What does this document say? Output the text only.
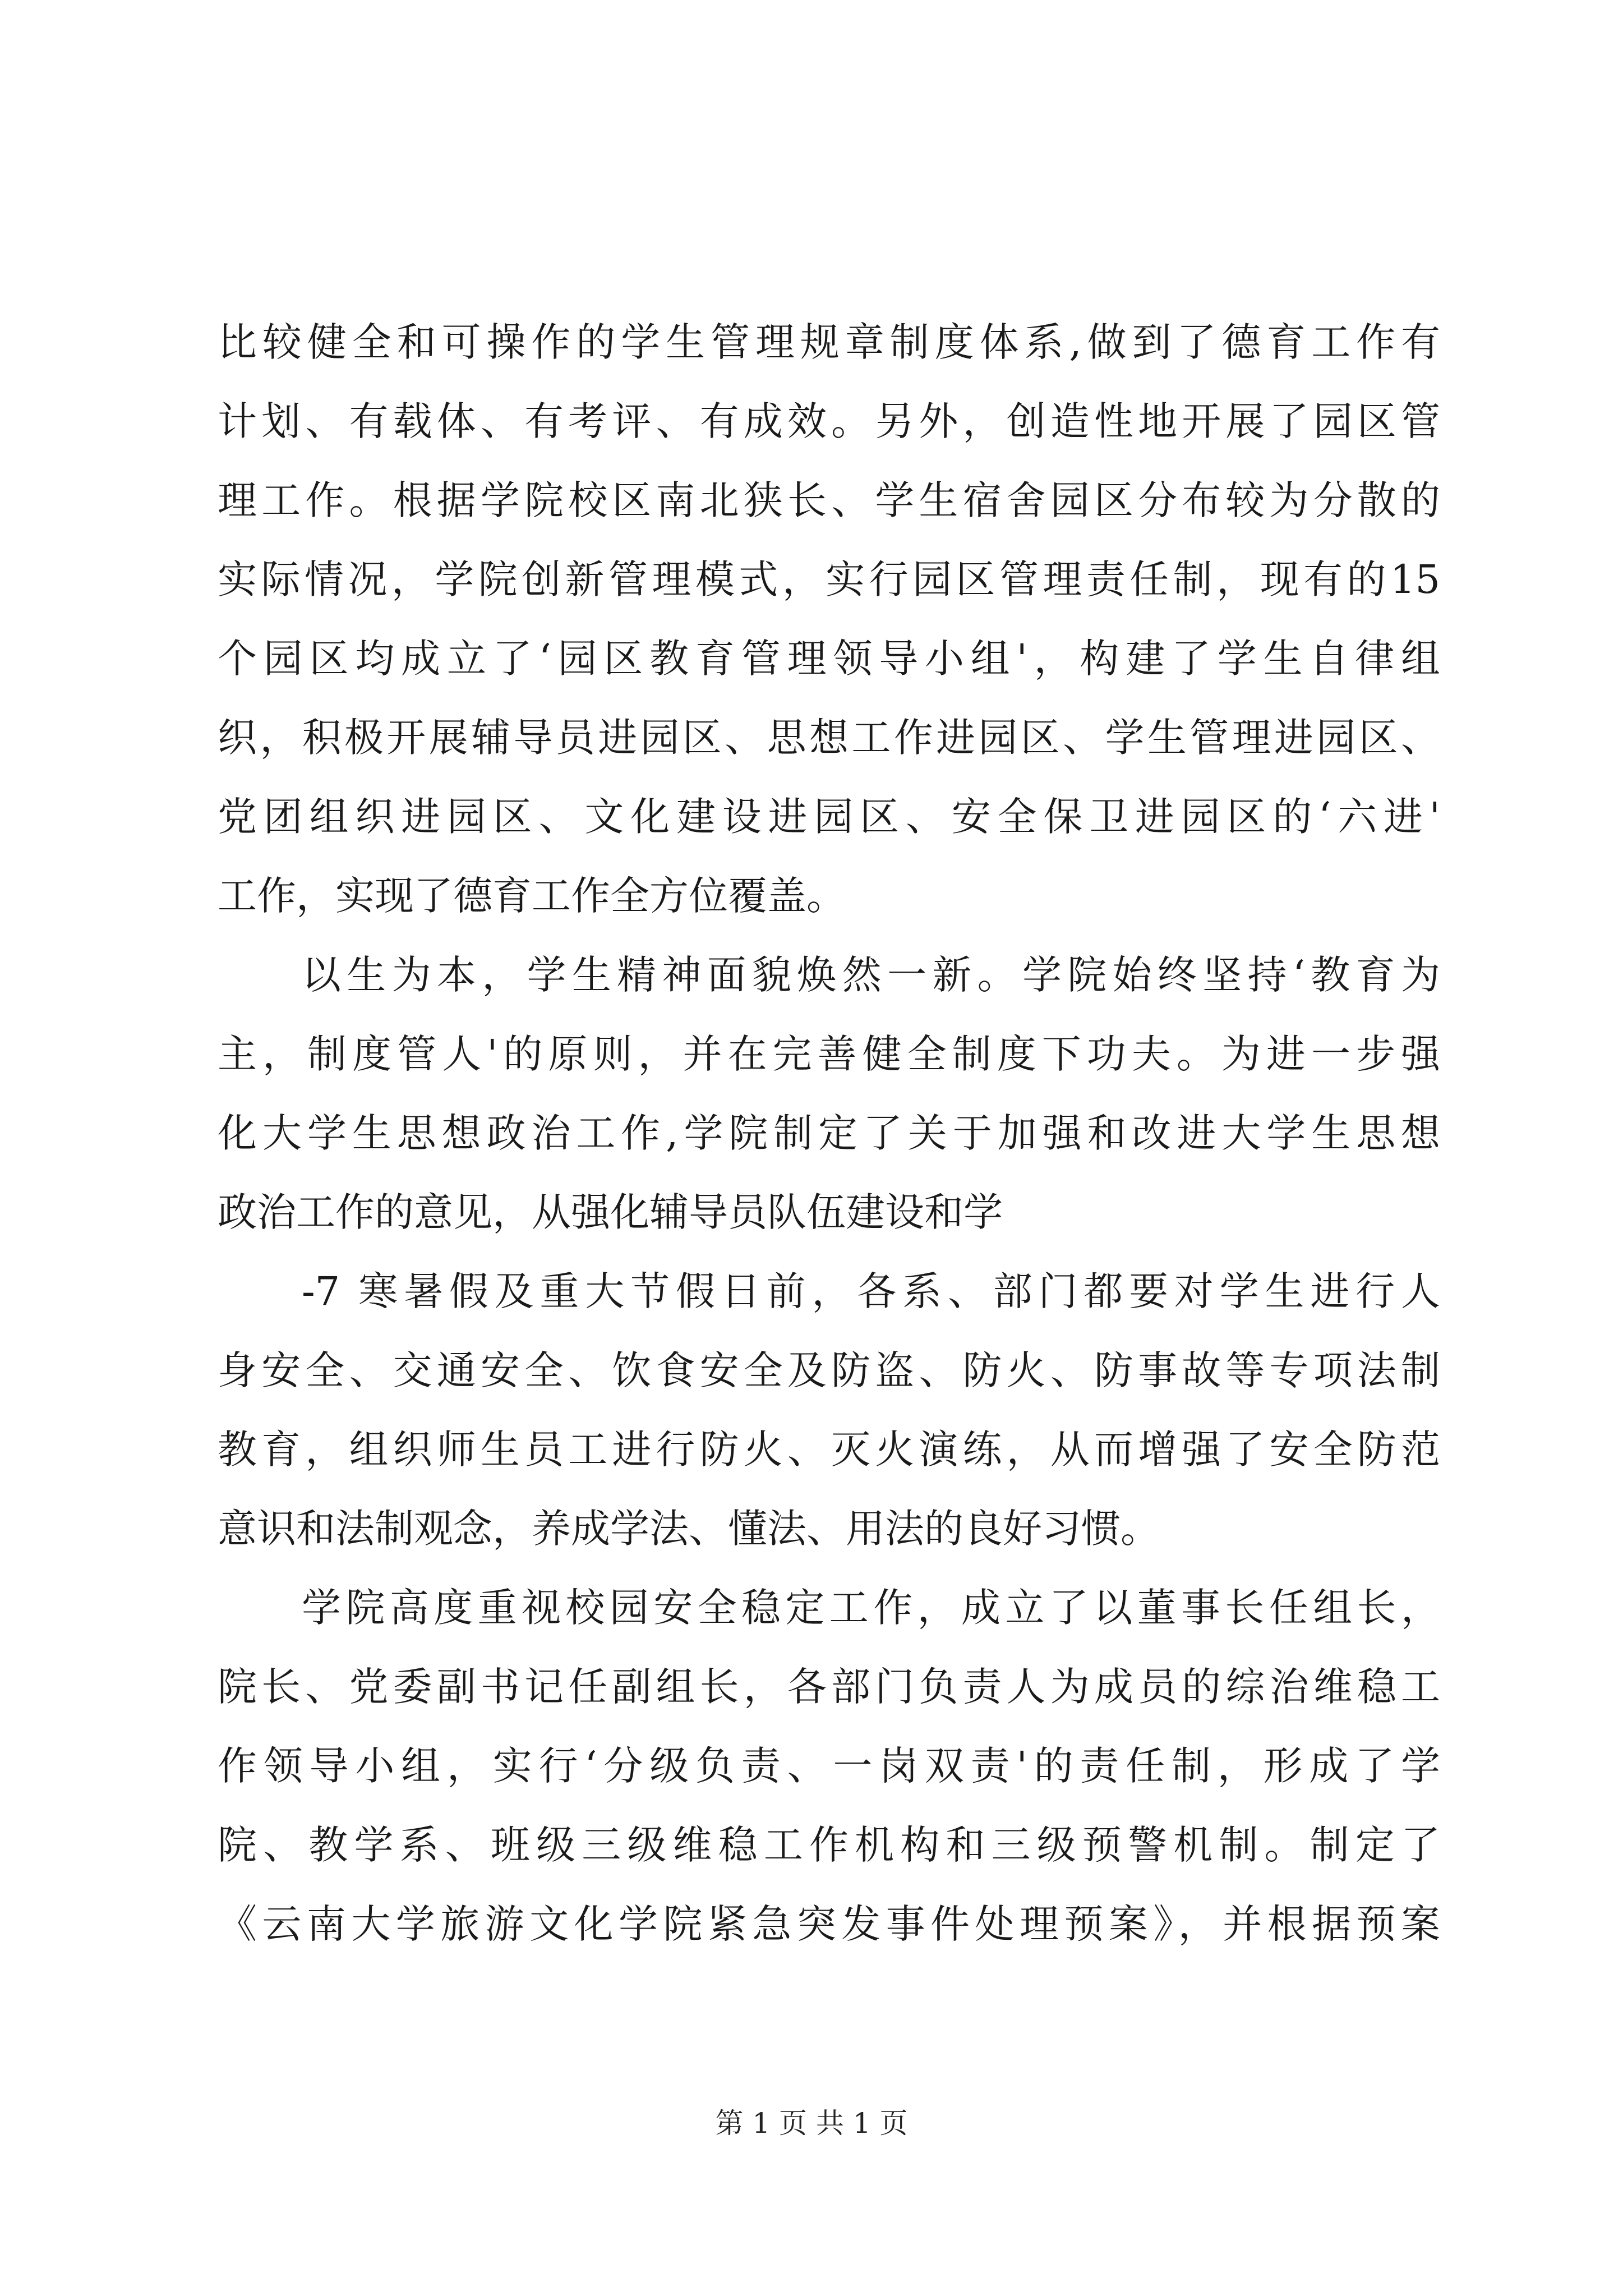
比较健全和可操作的学生管理规章制度体系,做到了德育工作有
计划、有载体、有考评、有成效。另外，创造性地开展了园区管
理工作。根据学院校区南北狭长、学生宿舍园区分布较为分散的
实际情况，学院创新管理模式，实行园区管理责任制，现有的15
个园区均成立了‘园区教育管理领导小组'，构建了学生自律组
织，积极开展辅导员进园区、思想工作进园区、学生管理进园区、
党团组织进园区、文化建设进园区、安全保卫进园区的‘六进'
工作，实现了德育工作全方位覆盖。
以生为本，学生精神面貌焕然一新。学院始终坚持‘教育为
主，制度管人'的原则，并在完善健全制度下功夫。为进一步强
化大学生思想政治工作,学院制定了关于加强和改进大学生思想
政治工作的意见，从强化辅导员队伍建设和学
-7 寒暑假及重大节假日前，各系、部门都要对学生进行人
身安全、交通安全、饮食安全及防盗、防火、防事故等专项法制
教育，组织师生员工进行防火、灭火演练，从而增强了安全防范
意识和法制观念，养成学法、懂法、用法的良好习惯。
学院高度重视校园安全稳定工作，成立了以董事长任组长，
院长、党委副书记任副组长，各部门负责人为成员的综治维稳工
作领导小组，实行‘分级负责、一岗双责'的责任制，形成了学
院、教学系、班级三级维稳工作机构和三级预警机制。制定了
《云南大学旅游文化学院紧急突发事件处理预案》，并根据预案
第 1 页 共 1 页
